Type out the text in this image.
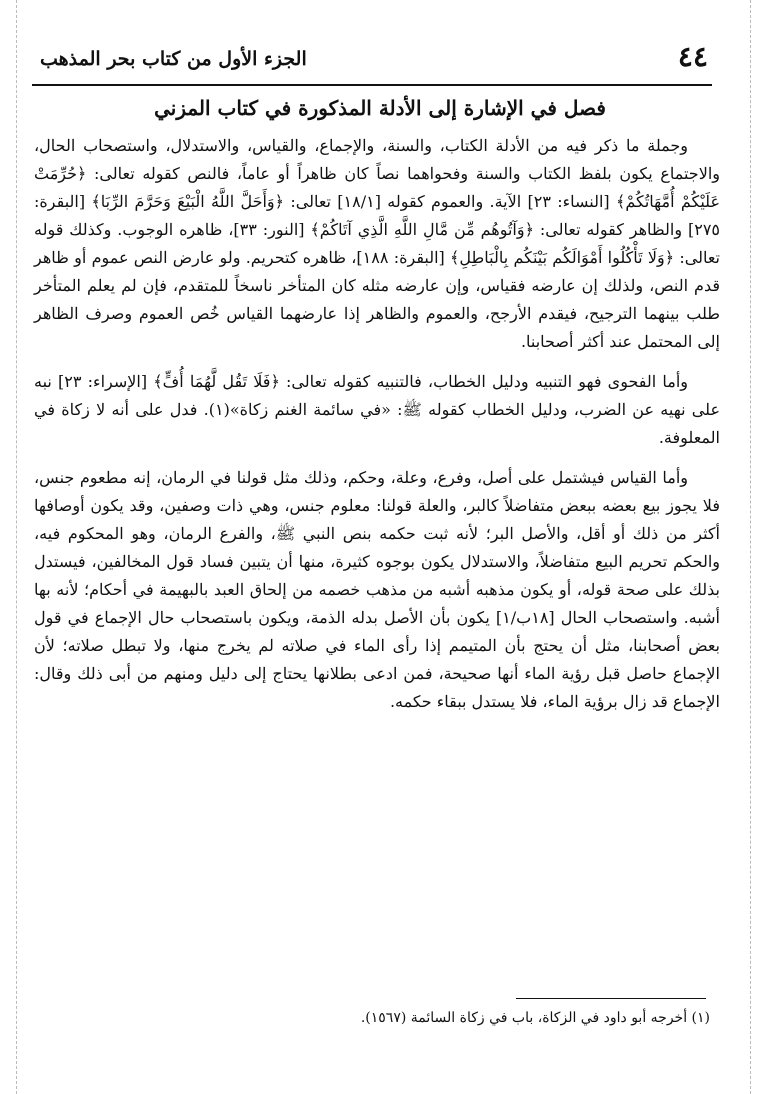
٤٤
الجزء الأول من كتاب بحر المذهب
فصل في الإشارة إلى الأدلة المذكورة في كتاب المزني

وجملة ما ذكر فيه من الأدلة الكتاب، والسنة، والإجماع، والقياس، والاستدلال، واستصحاب الحال، والاجتماع يكون بلفظ الكتاب والسنة وفحواهما نصاً كان ظاهراً أو عاماً، فالنص كقوله تعالى: ﴿حُرِّمَتْ عَلَيْكُمْ أُمَّهَاتُكُمْ﴾ [النساء: ٢٣] الآية. والعموم كقوله [١٨/١] تعالى: ﴿وَأَحَلَّ اللَّهُ الْبَيْعَ وَحَرَّمَ الرِّبَا﴾ [البقرة: ٢٧٥] والظاهر كقوله تعالى: ﴿وَآتُوهُم مِّن مَّالِ اللَّهِ الَّذِي آتَاكُمْ﴾ [النور: ٣٣]، ظاهره الوجوب. وكذلك قوله تعالى: ﴿وَلَا تَأْكُلُوا أَمْوَالَكُم بَيْنَكُم بِالْبَاطِلِ﴾ [البقرة: ١٨٨]، ظاهره كتحريم. ولو عارض النص عموم أو ظاهر قدم النص، ولذلك إن عارضه فقياس، وإن عارضه مثله كان المتأخر ناسخاً للمتقدم، فإن لم يعلم المتأخر طلب بينهما الترجيح، فيقدم الأرجح، والعموم والظاهر إذا عارضهما القياس خُص العموم وصرف الظاهر إلى المحتمل عند أكثر أصحابنا.

وأما الفحوى فهو التنبيه ودليل الخطاب، فالتنبيه كقوله تعالى: ﴿فَلَا تَقُل لَّهُمَا أُفٍّ﴾ [الإسراء: ٢٣] نبه على نهيه عن الضرب، ودليل الخطاب كقوله ﷺ: «في سائمة الغنم زكاة»(١). فدل على أنه لا زكاة في المعلوفة.

وأما القياس فيشتمل على أصل، وفرع، وعلة، وحكم، وذلك مثل قولنا في الرمان، إنه مطعوم جنس، فلا يجوز بيع بعضه ببعض متفاضلاً كالبر، والعلة قولنا: معلوم جنس، وهي ذات وصفين، وقد يكون أوصافها أكثر من ذلك أو أقل، والأصل البر؛ لأنه ثبت حكمه بنص النبي ﷺ، والفرع الرمان، وهو المحكوم فيه، والحكم تحريم البيع متفاضلاً، والاستدلال يكون بوجوه كثيرة، منها أن يتبين فساد قول المخالفين، فيستدل بذلك على صحة قوله، أو يكون مذهبه أشبه من مذهب خصمه من إلحاق العبد بالبهيمة في أحكام؛ لأنه بها أشبه. واستصحاب الحال [١٨ب/١] يكون بأن الأصل بدله الذمة، ويكون باستصحاب حال الإجماع في قول بعض أصحابنا، مثل أن يحتج بأن المتيمم إذا رأى الماء في صلاته لم يخرج منها، ولا تبطل صلاته؛ لأن الإجماع حاصل قبل رؤية الماء أنها صحيحة، فمن ادعى بطلانها يحتاج إلى دليل ومنهم من أبى ذلك وقال: الإجماع قد زال برؤية الماء، فلا يستدل ببقاء حكمه.

(١) أخرجه أبو داود في الزكاة، باب في زكاة السائمة (١٥٦٧).
